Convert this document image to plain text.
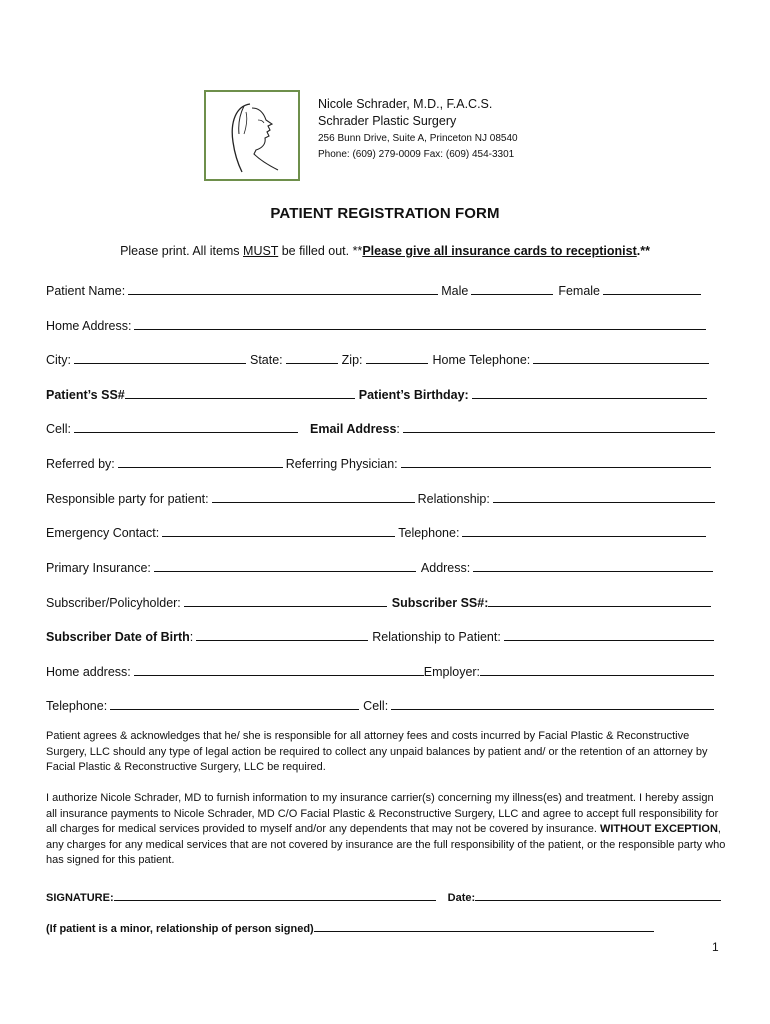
Nicole Schrader, M.D., F.A.C.S.
Schrader Plastic Surgery
256 Bunn Drive, Suite A, Princeton NJ 08540
Phone: (609) 279-0009 Fax: (609) 454-3301
PATIENT REGISTRATION FORM
Please print. All items MUST be filled out. **Please give all insurance cards to receptionist.**
Patient Name:	Male	Female
Home Address:
City:	State:	Zip:	Home Telephone:
Patient’s SS#	Patient’s Birthday:
Cell:	Email Address :
Referred by:	Referring Physician:
Responsible party for patient:	Relationship:
Emergency Contact:	Telephone:
Primary Insurance:	Address:
Subscriber/Policyholder:	Subscriber SS#:
Subscriber Date of Birth :	Relationship to Patient:
Home address:	Employer:
Telephone:	Cell:
Patient agrees & acknowledges that he/ she is responsible for all attorney fees and costs incurred by Facial Plastic & Reconstructive Surgery, LLC should any type of legal action be required to collect any unpaid balances by patient and/ or the retention of an attorney by Facial Plastic & Reconstructive Surgery, LLC be required.
I authorize Nicole Schrader, MD to furnish information to my insurance carrier(s) concerning my illness(es) and treatment. I hereby assign all insurance payments to Nicole Schrader, MD C/O Facial Plastic & Reconstructive Surgery, LLC and agree to accept full responsibility for all charges for medical services provided to myself and/or any dependents that may not be covered by insurance. WITHOUT EXCEPTION, any charges for any medical services that are not covered by insurance are the full responsibility of the patient, or the responsible party who has signed for this patient.
SIGNATURE:	Date:
(If patient is a minor, relationship of person signed)
1
